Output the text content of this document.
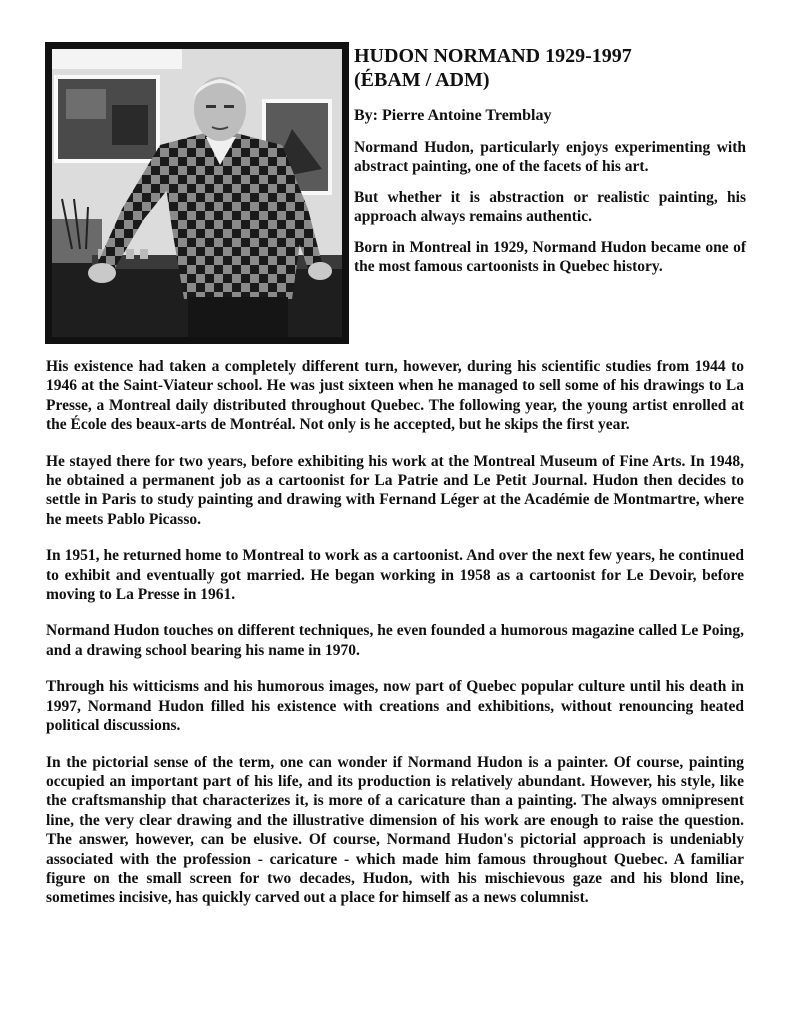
HUDON NORMAND 1929-1997
(ÉBAM / ADM)

By: Pierre Antoine Tremblay

Normand Hudon, particularly enjoys experimenting with abstract painting, one of the facets of his art.

But whether it is abstraction or realistic painting, his approach always remains authentic.

Born in Montreal in 1929, Normand Hudon became one of the most famous cartoonists in Quebec history.

His existence had taken a completely different turn, however, during his scientific studies from 1944 to 1946 at the Saint-Viateur school. He was just sixteen when he managed to sell some of his drawings to La Presse, a Montreal daily distributed throughout Quebec. The following year, the young artist enrolled at the École des beaux-arts de Montréal. Not only is he accepted, but he skips the first year.

He stayed there for two years, before exhibiting his work at the Montreal Museum of Fine Arts. In 1948, he obtained a permanent job as a cartoonist for La Patrie and Le Petit Journal. Hudon then decides to settle in Paris to study painting and drawing with Fernand Léger at the Académie de Montmartre, where he meets Pablo Picasso.

In 1951, he returned home to Montreal to work as a cartoonist. And over the next few years, he continued to exhibit and eventually got married. He began working in 1958 as a cartoonist for Le Devoir, before moving to La Presse in 1961.

Normand Hudon touches on different techniques, he even founded a humorous magazine called Le Poing, and a drawing school bearing his name in 1970.

Through his witticisms and his humorous images, now part of Quebec popular culture until his death in 1997, Normand Hudon filled his existence with creations and exhibitions, without renouncing heated political discussions.

In the pictorial sense of the term, one can wonder if Normand Hudon is a painter. Of course, painting occupied an important part of his life, and its production is relatively abundant. However, his style, like the craftsmanship that characterizes it, is more of a caricature than a painting. The always omnipresent line, the very clear drawing and the illustrative dimension of his work are enough to raise the question. The answer, however, can be elusive. Of course, Normand Hudon's pictorial approach is undeniably associated with the profession - caricature - which made him famous throughout Quebec. A familiar figure on the small screen for two decades, Hudon, with his mischievous gaze and his blond line, sometimes incisive, has quickly carved out a place for himself as a news columnist.
